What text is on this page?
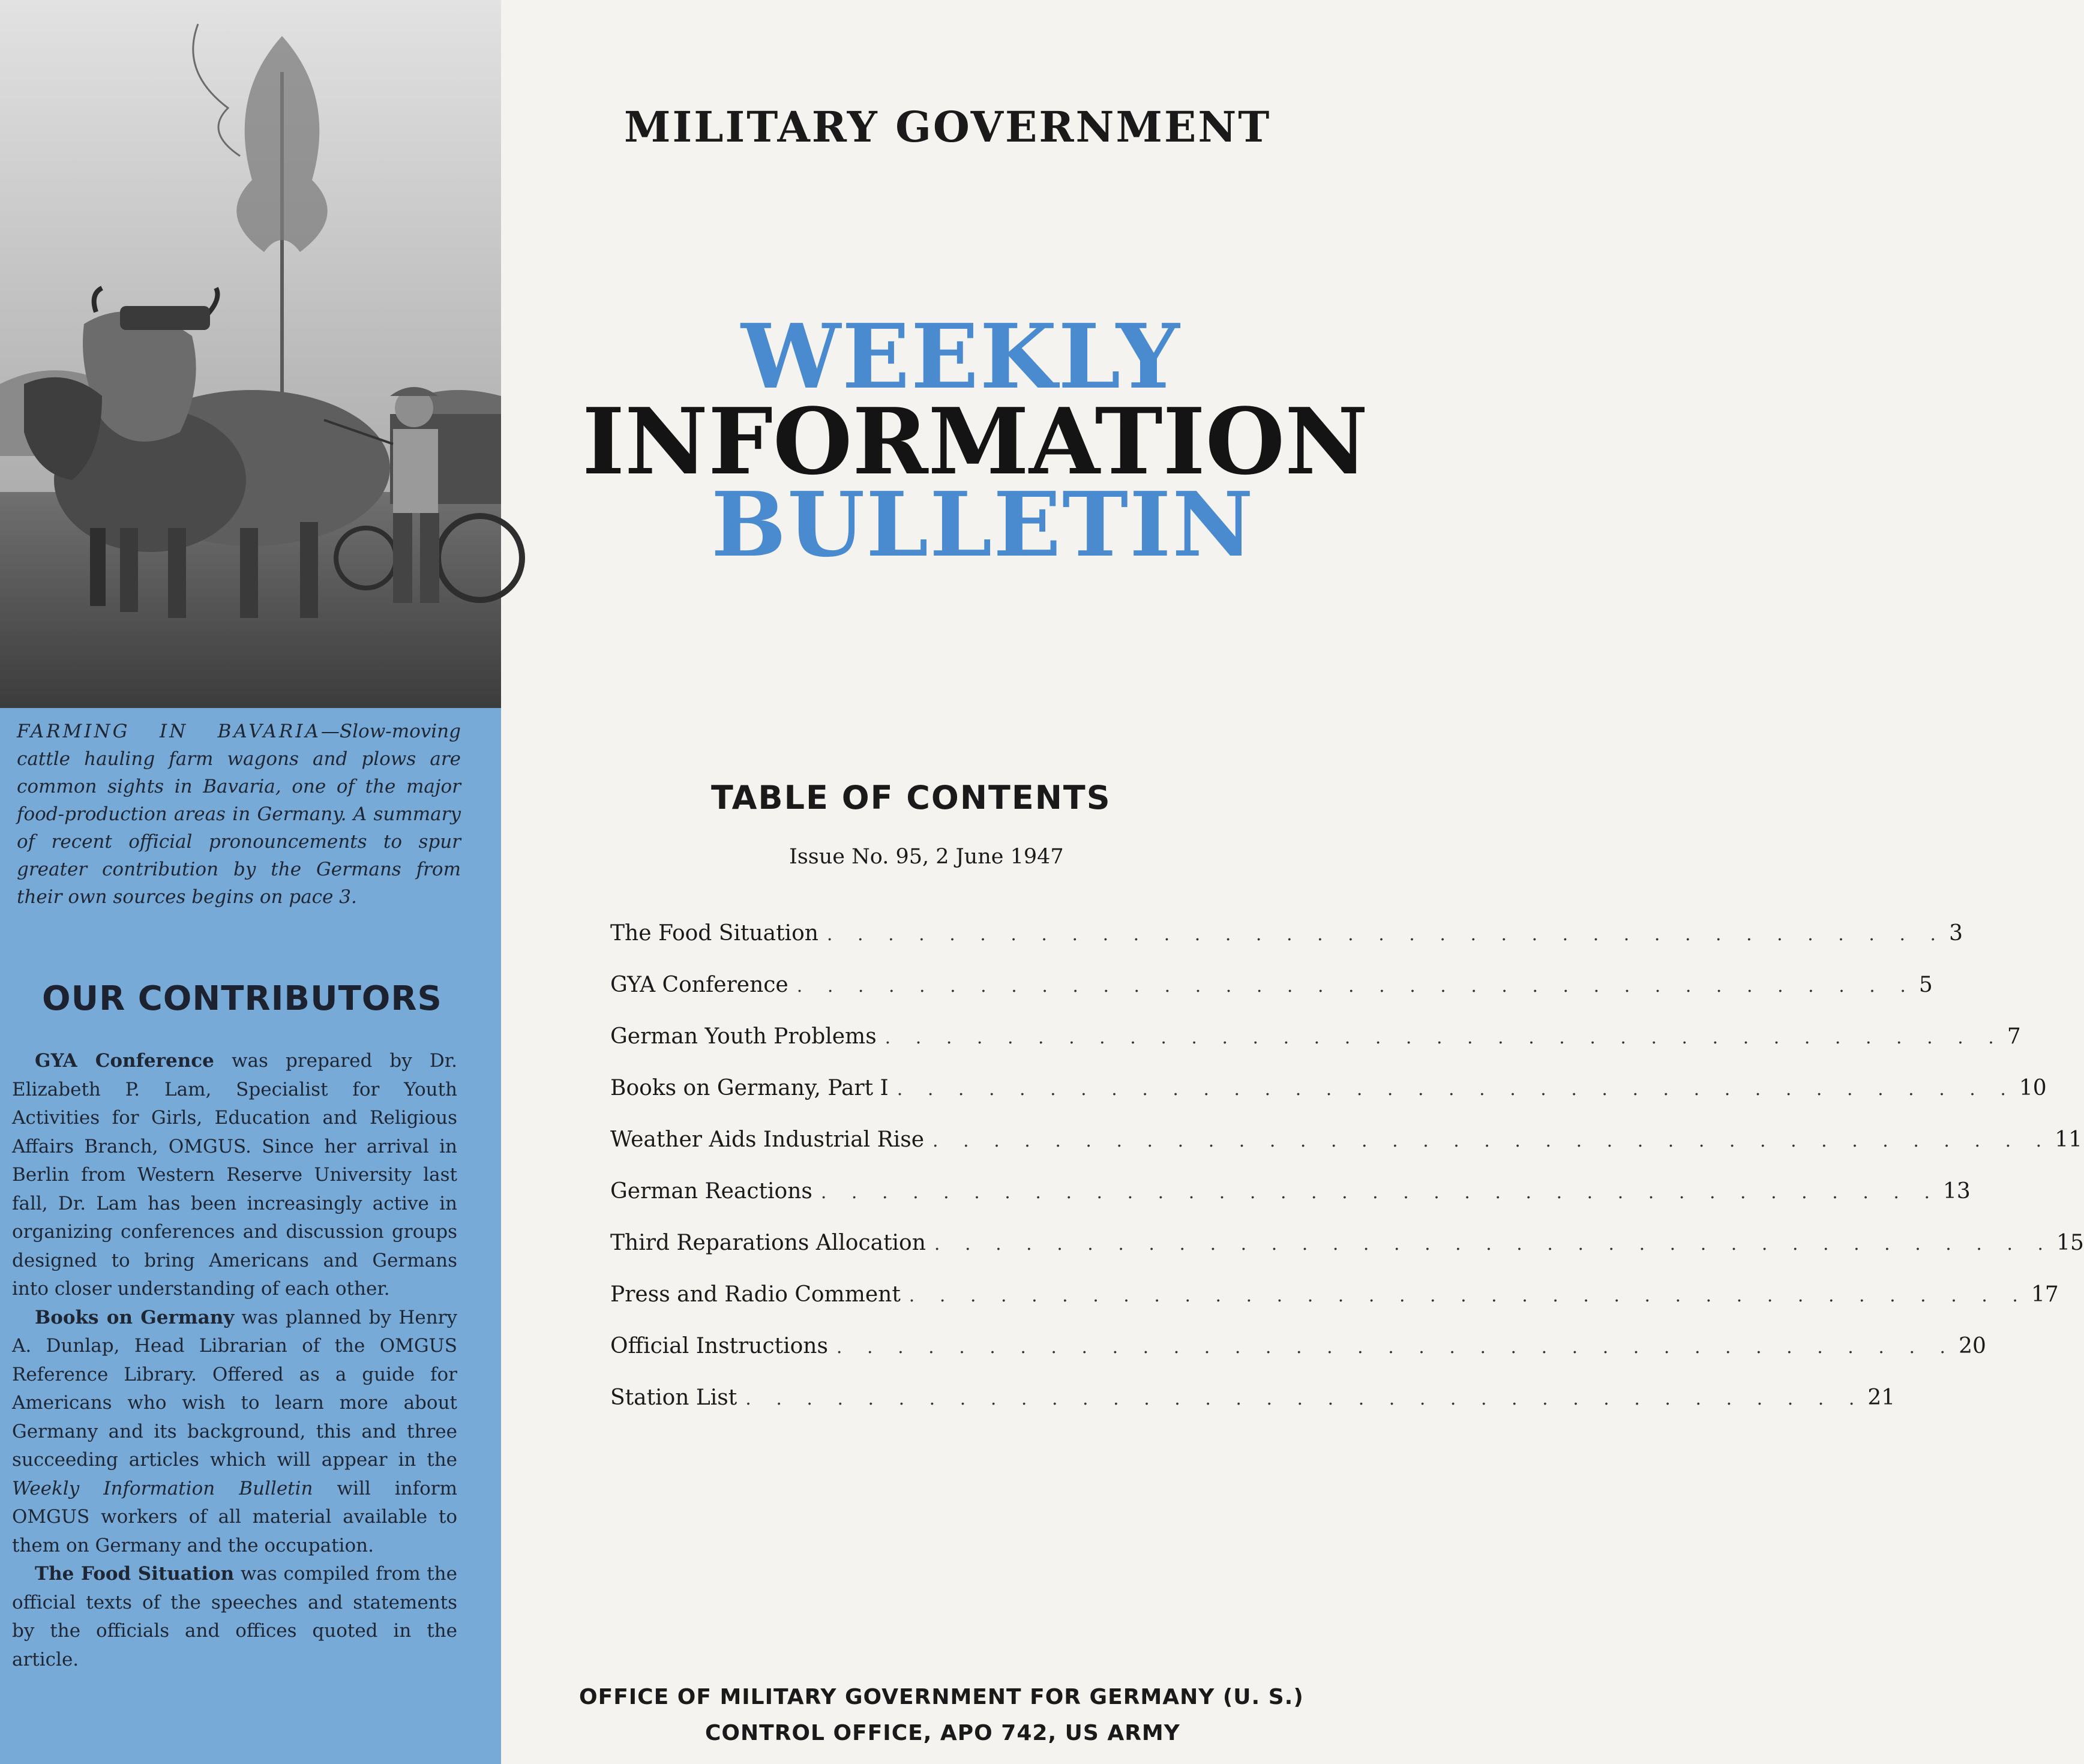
FARMING IN BAVARIA—Slow-moving cattle hauling farm wagons and plows are common sights in Bavaria, one of the major food-production areas in Germany. A summary of recent official pronouncements to spur greater contribution by the Germans from their own sources begins on pace 3.
OUR CONTRIBUTORS

GYA Conference was prepared by Dr. Elizabeth P. Lam, Specialist for Youth Activities for Girls, Education and Religious Affairs Branch, OMGUS. Since her arrival in Berlin from Western Reserve University last fall, Dr. Lam has been increasingly active in organizing conferences and discussion groups designed to bring Americans and Germans into closer understanding of each other.

Books on Germany was planned by Henry A. Dunlap, Head Librarian of the OMGUS Reference Library. Offered as a guide for Americans who wish to learn more about Germany and its background, this and three succeeding articles which will appear in the Weekly Information Bulletin will inform OMGUS workers of all material available to them on Germany and the occupation.

The Food Situation was compiled from the official texts of the speeches and statements by the officials and offices quoted in the article.

MILITARY GOVERNMENT
WEEKLY
INFORMATION
BULLETIN
TABLE OF CONTENTS
Issue No. 95, 2 June 1947
The Food Situation . . . . . . . . . . . . . . . . . . . . . . . . . . . . . . . . . . . . . 3
GYA Conference . . . . . . . . . . . . . . . . . . . . . . . . . . . . . . . . . . . . . 5
German Youth Problems . . . . . . . . . . . . . . . . . . . . . . . . . . . . . . . . . . . . . 7
Books on Germany, Part I . . . . . . . . . . . . . . . . . . . . . . . . . . . . . . . . . . . . . 10
Weather Aids Industrial Rise . . . . . . . . . . . . . . . . . . . . . . . . . . . . . . . . . . . . . 11
German Reactions . . . . . . . . . . . . . . . . . . . . . . . . . . . . . . . . . . . . . 13
Third Reparations Allocation . . . . . . . . . . . . . . . . . . . . . . . . . . . . . . . . . . . . . 15
Press and Radio Comment . . . . . . . . . . . . . . . . . . . . . . . . . . . . . . . . . . . . . 17
Official Instructions . . . . . . . . . . . . . . . . . . . . . . . . . . . . . . . . . . . . . 20
Station List . . . . . . . . . . . . . . . . . . . . . . . . . . . . . . . . . . . . . 21
OFFICE OF MILITARY GOVERNMENT FOR GERMANY (U. S.)
CONTROL OFFICE, APO 742, US ARMY
